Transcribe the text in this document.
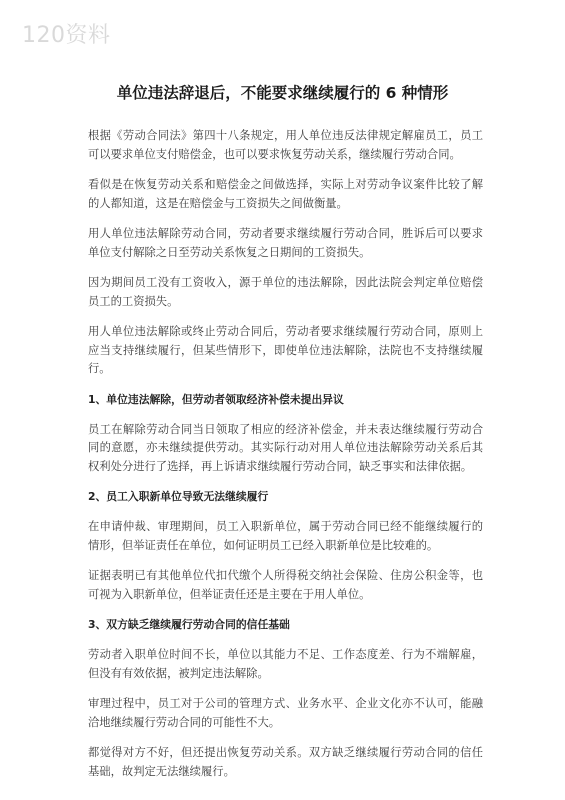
120资料
单位违法辞退后，不能要求继续履行的 6 种情形

根据《劳动合同法》第四十八条规定，用人单位违反法律规定解雇员工，员工可以要求单位支付赔偿金，也可以要求恢复劳动关系，继续履行劳动合同。

看似是在恢复劳动关系和赔偿金之间做选择，实际上对劳动争议案件比较了解的人都知道，这是在赔偿金与工资损失之间做衡量。

用人单位违法解除劳动合同，劳动者要求继续履行劳动合同，胜诉后可以要求单位支付解除之日至劳动关系恢复之日期间的工资损失。

因为期间员工没有工资收入，源于单位的违法解除，因此法院会判定单位赔偿员工的工资损失。

用人单位违法解除或终止劳动合同后，劳动者要求继续履行劳动合同，原则上应当支持继续履行，但某些情形下，即使单位违法解除，法院也不支持继续履行。

1、单位违法解除，但劳动者领取经济补偿未提出异议

员工在解除劳动合同当日领取了相应的经济补偿金，并未表达继续履行劳动合同的意愿，亦未继续提供劳动。其实际行动对用人单位违法解除劳动关系后其权利处分进行了选择，再上诉请求继续履行劳动合同，缺乏事实和法律依据。

2、员工入职新单位导致无法继续履行

在申请仲裁、审理期间，员工入职新单位，属于劳动合同已经不能继续履行的情形，但举证责任在单位，如何证明员工已经入职新单位是比较难的。

证据表明已有其他单位代扣代缴个人所得税交纳社会保险、住房公积金等，也可视为入职新单位，但举证责任还是主要在于用人单位。

3、双方缺乏继续履行劳动合同的信任基础

劳动者入职单位时间不长，单位以其能力不足、工作态度差、行为不端解雇，但没有有效依据，被判定违法解除。

审理过程中，员工对于公司的管理方式、业务水平、企业文化亦不认可，能融洽地继续履行劳动合同的可能性不大。

都觉得对方不好，但还提出恢复劳动关系。双方缺乏继续履行劳动合同的信任基础，故判定无法继续履行。
